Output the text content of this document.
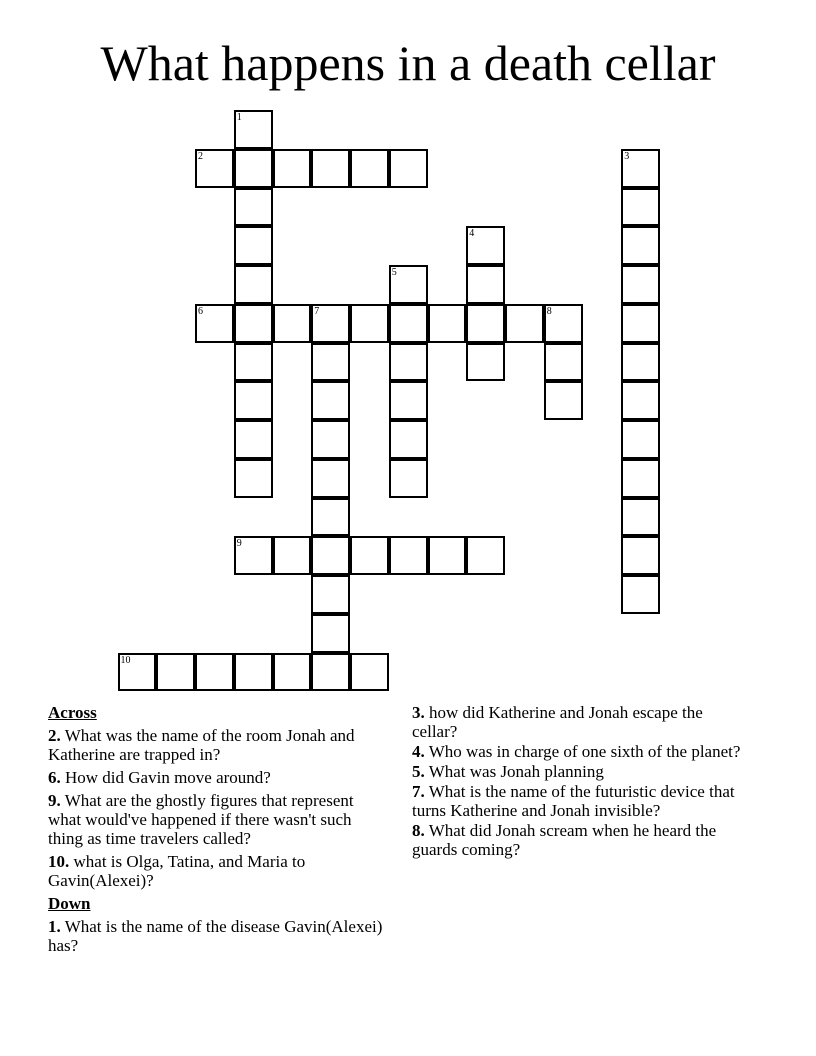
What happens in a death cellar
1
2	3
4
5
6	7	8
9
10
Across
2. What was the name of the room Jonah and Katherine are trapped in?
6. How did Gavin move around?
9. What are the ghostly figures that represent what would've happened if there wasn't such thing as time travelers called?
10. what is Olga, Tatina, and Maria to Gavin(Alexei)?
Down
1. What is the name of the disease Gavin(Alexei) has?
3. how did Katherine and Jonah escape the cellar?
4. Who was in charge of one sixth of the planet?
5. What was Jonah planning
7. What is the name of the futuristic device that turns Katherine and Jonah invisible?
8. What did Jonah scream when he heard the guards coming?
